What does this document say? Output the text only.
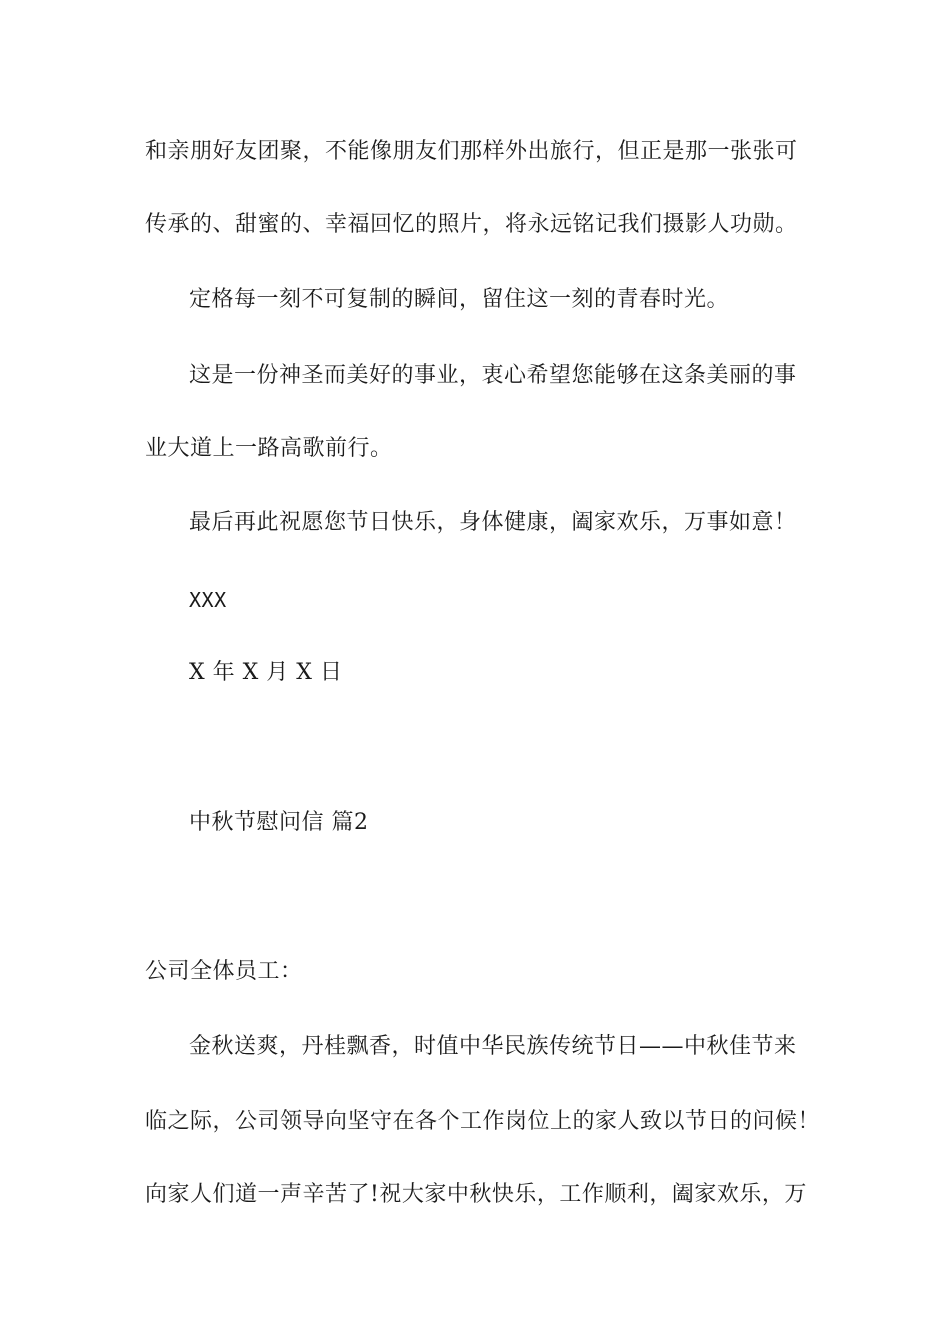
和亲朋好友团聚，不能像朋友们那样外出旅行，但正是那一张张可
传承的、甜蜜的、幸福回忆的照片，将永远铭记我们摄影人功勋。
定格每一刻不可复制的瞬间，留住这一刻的青春时光。
这是一份神圣而美好的事业，衷心希望您能够在这条美丽的事
业大道上一路高歌前行。
最后再此祝愿您节日快乐，身体健康，阖家欢乐，万事如意！
XXX
X 年 X 月 X 日
中秋节慰问信 篇2
公司全体员工：
金秋送爽，丹桂飘香，时值中华民族传统节日——中秋佳节来
临之际，公司领导向坚守在各个工作岗位上的家人致以节日的问候！
向家人们道一声辛苦了!祝大家中秋快乐，工作顺利，阖家欢乐，万
